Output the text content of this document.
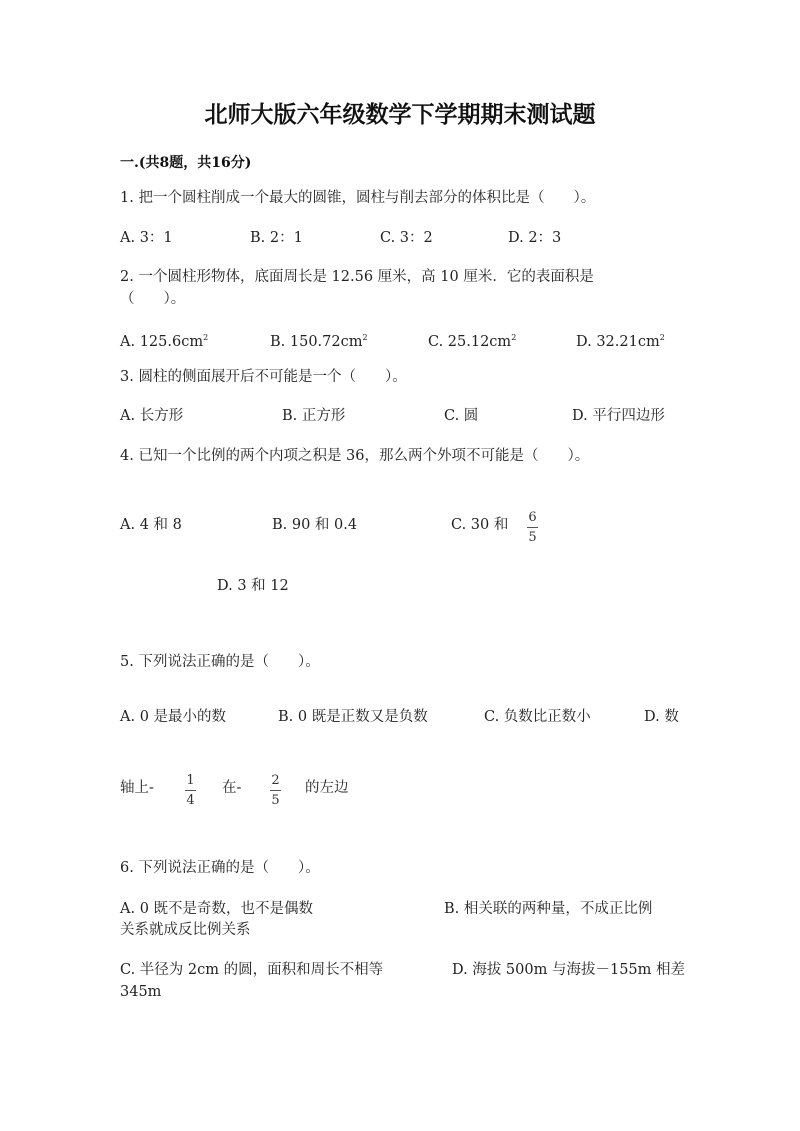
北师大版六年级数学下学期期末测试题
一.(共8题，共16分)
1. 把一个圆柱削成一个最大的圆锥，圆柱与削去部分的体积比是（　　）。
A. 3：1	B. 2：1	C. 3：2	D. 2：3
2. 一个圆柱形物体，底面周长是 12.56 厘米，高 10 厘米．它的表面积是
（　　）。
A. $125.6cm^2$	B. $150.72cm^2$	C. $25.12cm^2$	D. $32.21cm^2$
3. 圆柱的侧面展开后不可能是一个（　　）。
A. 长方形	B. 正方形	C. 圆	D. 平行四边形
4. 已知一个比例的两个内项之积是 36，那么两个外项不可能是（　　）。
A. 4 和 8	B. 90 和 0.4	C. 30 和 6
5
D. 3 和 12
5. 下列说法正确的是（　　）。
A. 0 是最小的数	B. 0 既是正数又是负数	C. 负数比正数小	D. 数
轴上- 1
4
在- 2
5
的左边
6. 下列说法正确的是（　　）。
A. 0 既不是奇数，也不是偶数	B. 相关联的两种量，不成正比例
关系就成反比例关系
C. 半径为 2cm 的圆，面积和周长不相等	D. 海拔 500m 与海拔－155m 相差
345m
